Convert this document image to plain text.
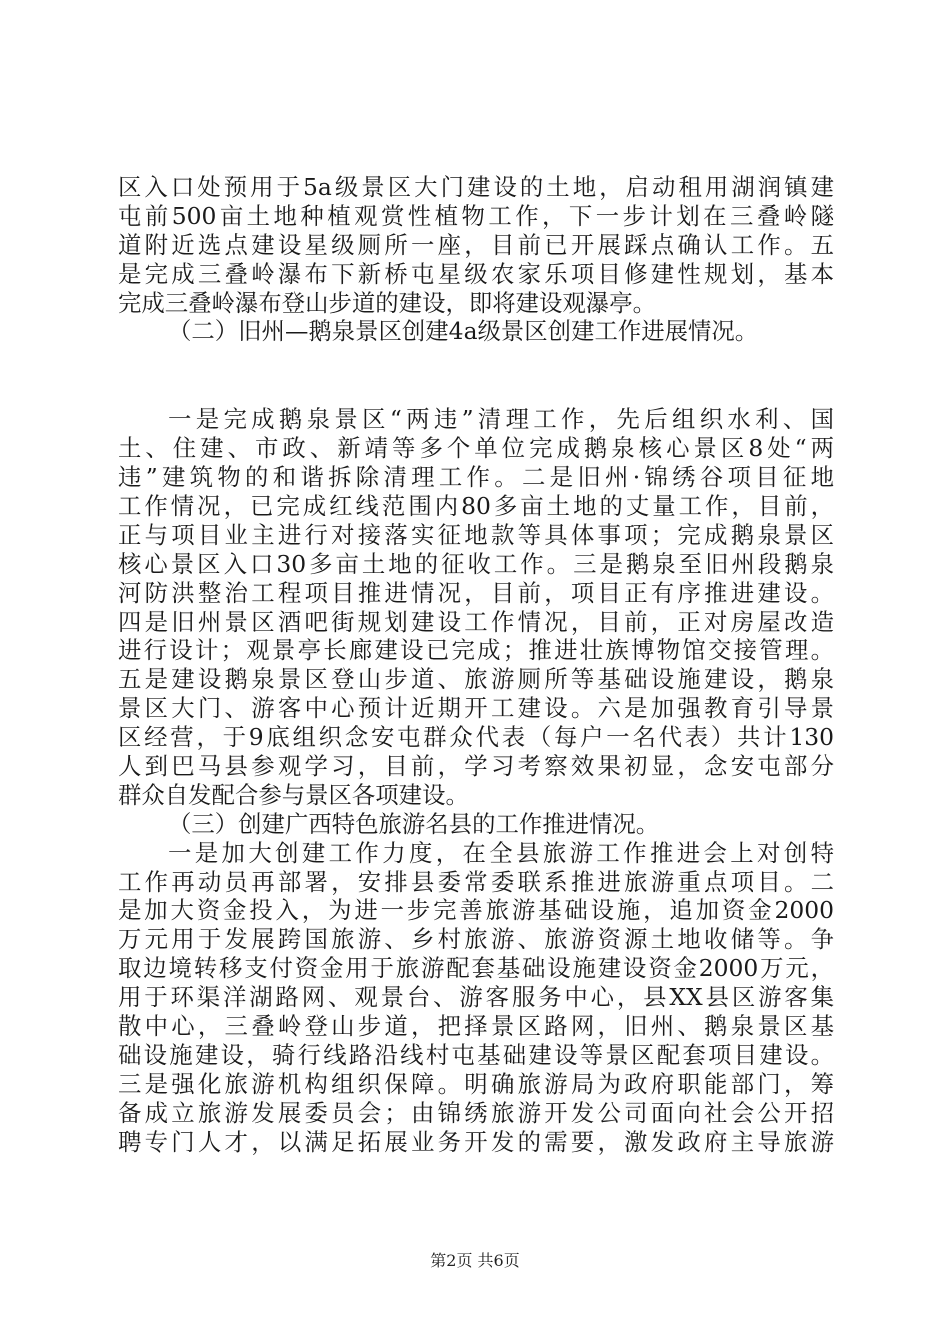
区入口处预用于5a级景区大门建设的土地，启动租用湖润镇建
屯前500亩土地种植观赏性植物工作，下一步计划在三叠岭隧
道附近选点建设星级厕所一座，目前已开展踩点确认工作。五
是完成三叠岭瀑布下新桥屯星级农家乐项目修建性规划，基本
完成三叠岭瀑布登山步道的建设，即将建设观瀑亭。
（二）旧州—鹅泉景区创建4a级景区创建工作进展情况。
一是完成鹅泉景区“两违”清理工作，先后组织水利、国
土、住建、市政、新靖等多个单位完成鹅泉核心景区8处“两
违”建筑物的和谐拆除清理工作。二是旧州·锦绣谷项目征地
工作情况，已完成红线范围内80多亩土地的丈量工作，目前，
正与项目业主进行对接落实征地款等具体事项；完成鹅泉景区
核心景区入口30多亩土地的征收工作。三是鹅泉至旧州段鹅泉
河防洪整治工程项目推进情况，目前，项目正有序推进建设。
四是旧州景区酒吧街规划建设工作情况，目前，正对房屋改造
进行设计；观景亭长廊建设已完成；推进壮族博物馆交接管理。
五是建设鹅泉景区登山步道、旅游厕所等基础设施建设，鹅泉
景区大门、游客中心预计近期开工建设。六是加强教育引导景
区经营，于9底组织念安屯群众代表（每户一名代表）共计130
人到巴马县参观学习，目前，学习考察效果初显，念安屯部分
群众自发配合参与景区各项建设。
（三）创建广西特色旅游名县的工作推进情况。
一是加大创建工作力度，在全县旅游工作推进会上对创特
工作再动员再部署，安排县委常委联系推进旅游重点项目。二
是加大资金投入，为进一步完善旅游基础设施，追加资金2000
万元用于发展跨国旅游、乡村旅游、旅游资源土地收储等。争
取边境转移支付资金用于旅游配套基础设施建设资金2000万元，
用于环渠洋湖路网、观景台、游客服务中心，县XX县区游客集
散中心，三叠岭登山步道，把择景区路网，旧州、鹅泉景区基
础设施建设，骑行线路沿线村屯基础建设等景区配套项目建设。
三是强化旅游机构组织保障。明确旅游局为政府职能部门，筹
备成立旅游发展委员会；由锦绣旅游开发公司面向社会公开招
聘专门人才，以满足拓展业务开发的需要，激发政府主导旅游
第2页 共6页
